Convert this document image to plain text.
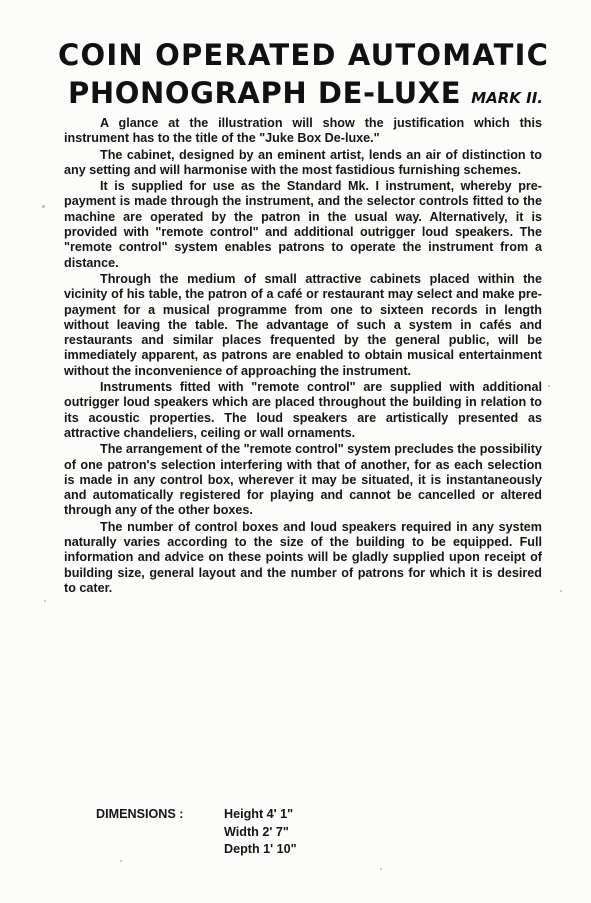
COIN OPERATED AUTOMATIC
PHONOGRAPH DE-LUXE MARK II.

A glance at the illustration will show the justification which this instrument has to the title of the "Juke Box De-luxe."

The cabinet, designed by an eminent artist, lends an air of distinction to any setting and will harmonise with the most fastidious furnishing schemes.

It is supplied for use as the Standard Mk. I instrument, whereby pre-payment is made through the instrument, and the selector controls fitted to the machine are operated by the patron in the usual way. Alternatively, it is provided with "remote control" and additional outrigger loud speakers. The "remote control" system enables patrons to operate the instrument from a distance.

Through the medium of small attractive cabinets placed within the vicinity of his table, the patron of a café or restaurant may select and make pre-payment for a musical programme from one to sixteen records in length without leaving the table. The advantage of such a system in cafés and restaurants and similar places frequented by the general public, will be immediately apparent, as patrons are enabled to obtain musical entertainment without the inconvenience of approaching the instrument.

Instruments fitted with "remote control" are supplied with additional outrigger loud speakers which are placed throughout the building in relation to its acoustic properties. The loud speakers are artistically presented as attractive chandeliers, ceiling or wall ornaments.

The arrangement of the "remote control" system precludes the possibility of one patron's selection interfering with that of another, for as each selection is made in any control box, wherever it may be situated, it is instantaneously and automatically registered for playing and cannot be cancelled or altered through any of the other boxes.

The number of control boxes and loud speakers required in any system naturally varies according to the size of the building to be equipped. Full information and advice on these points will be gladly supplied upon receipt of building size, general layout and the number of patrons for which it is desired to cater.

DIMENSIONS :	Height 4' 1"
Width 2' 7"
Depth 1' 10"
